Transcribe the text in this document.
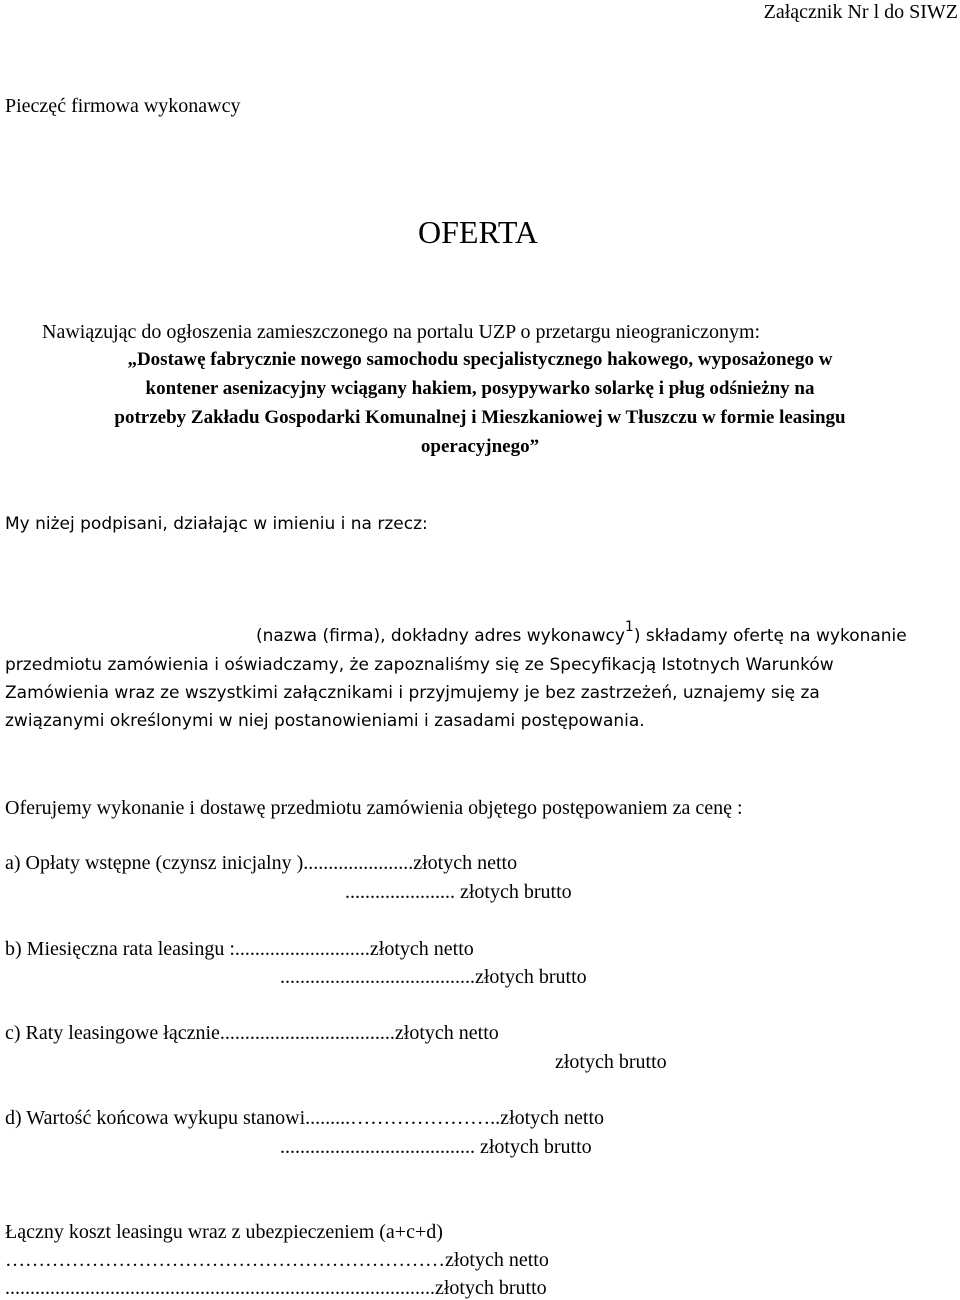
Załącznik Nr l do SIWZ
Pieczęć firmowa wykonawcy
OFERTA
Nawiązując do ogłoszenia zamieszczonego na portalu UZP o przetargu nieograniczonym:
„Dostawę fabrycznie nowego samochodu specjalistycznego hakowego, wyposażonego w
kontener asenizacyjny wciągany hakiem, posypywarko solarkę i pług odśnieżny na
potrzeby Zakładu Gospodarki Komunalnej i Mieszkaniowej w Tłuszczu w formie leasingu
operacyjnego”
My niżej podpisani, działając w imieniu i na rzecz:
(nazwa (firma), dokładny adres wykonawcy$^1$) składamy ofertę na wykonanie
przedmiotu zamówienia i oświadczamy, że zapoznaliśmy się ze Specyfikacją Istotnych Warunków
Zamówienia wraz ze wszystkimi załącznikami i przyjmujemy je bez zastrzeżeń, uznajemy się za
związanymi określonymi w niej postanowieniami i zasadami postępowania.
Oferujemy wykonanie i dostawę przedmiotu zamówienia objętego postępowaniem za cenę :
a) Opłaty wstępne (czynsz inicjalny )......................złotych netto
...................... złotych brutto
b) Miesięczna rata leasingu :...........................złotych netto
.......................................złotych brutto
c) Raty leasingowe łącznie...................................złotych netto
złotych brutto
d) Wartość końcowa wykupu stanowi.........…………………..złotych netto
....................................... złotych brutto
Łączny koszt leasingu wraz z ubezpieczeniem (a+c+d)
…………………………………………………………złotych netto
......................................................................................złotych brutto
